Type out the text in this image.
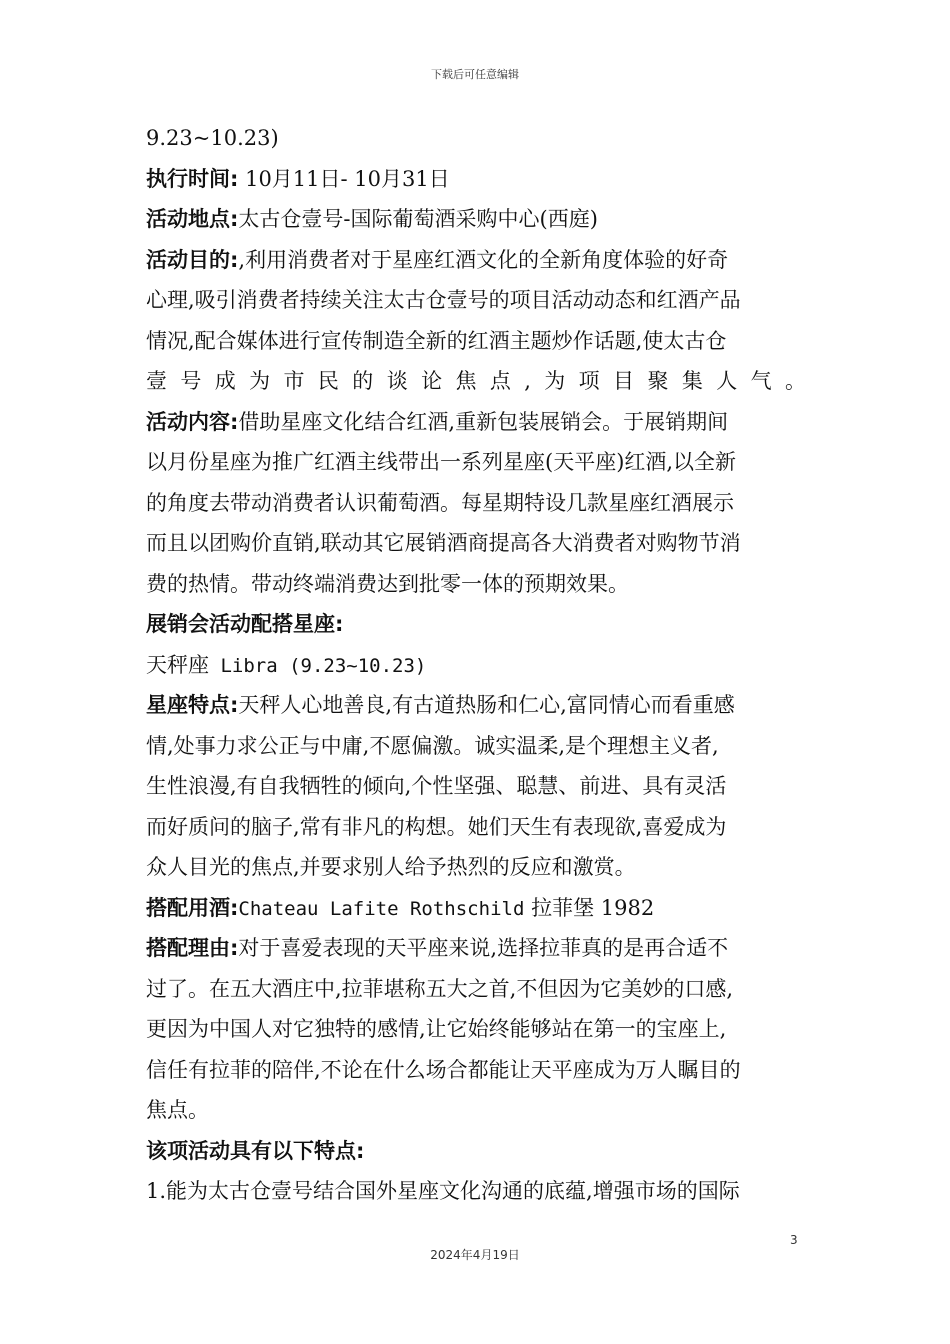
下载后可任意编辑
9.23~10.23)
执行时间: 10月11日- 10月31日
活动地点:太古仓壹号-国际葡萄酒采购中心(西庭)
活动目的:,利用消费者对于星座红酒文化的全新角度体验的好奇
心理,吸引消费者持续关注太古仓壹号的项目活动动态和红酒产品
情况,配合媒体进行宣传制造全新的红酒主题炒作话题,使太古仓
壹号成为市民的谈论焦点,为项目聚集人气。
活动内容:借助星座文化结合红酒,重新包装展销会。于展销期间
以月份星座为推广红酒主线带出一系列星座(天平座)红酒,以全新
的角度去带动消费者认识葡萄酒。每星期特设几款星座红酒展示
而且以团购价直销,联动其它展销酒商提高各大消费者对购物节消
费的热情。带动终端消费达到批零一体的预期效果。
展销会活动配搭星座:
天秤座 Libra (9.23~10.23)
星座特点:天秤人心地善良,有古道热肠和仁心,富同情心而看重感
情,处事力求公正与中庸,不愿偏激。诚实温柔,是个理想主义者,
生性浪漫,有自我牺牲的倾向,个性坚强、聪慧、前进、具有灵活
而好质问的脑子,常有非凡的构想。她们天生有表现欲,喜爱成为
众人目光的焦点,并要求别人给予热烈的反应和激赏。
搭配用酒:Chateau Lafite Rothschild 拉菲堡 1982
搭配理由:对于喜爱表现的天平座来说,选择拉菲真的是再合适不
过了。在五大酒庄中,拉菲堪称五大之首,不但因为它美妙的口感,
更因为中国人对它独特的感情,让它始终能够站在第一的宝座上,
信任有拉菲的陪伴,不论在什么场合都能让天平座成为万人瞩目的
焦点。
该项活动具有以下特点:
1.能为太古仓壹号结合国外星座文化沟通的底蕴,增强市场的国际
3
2024年4月19日
